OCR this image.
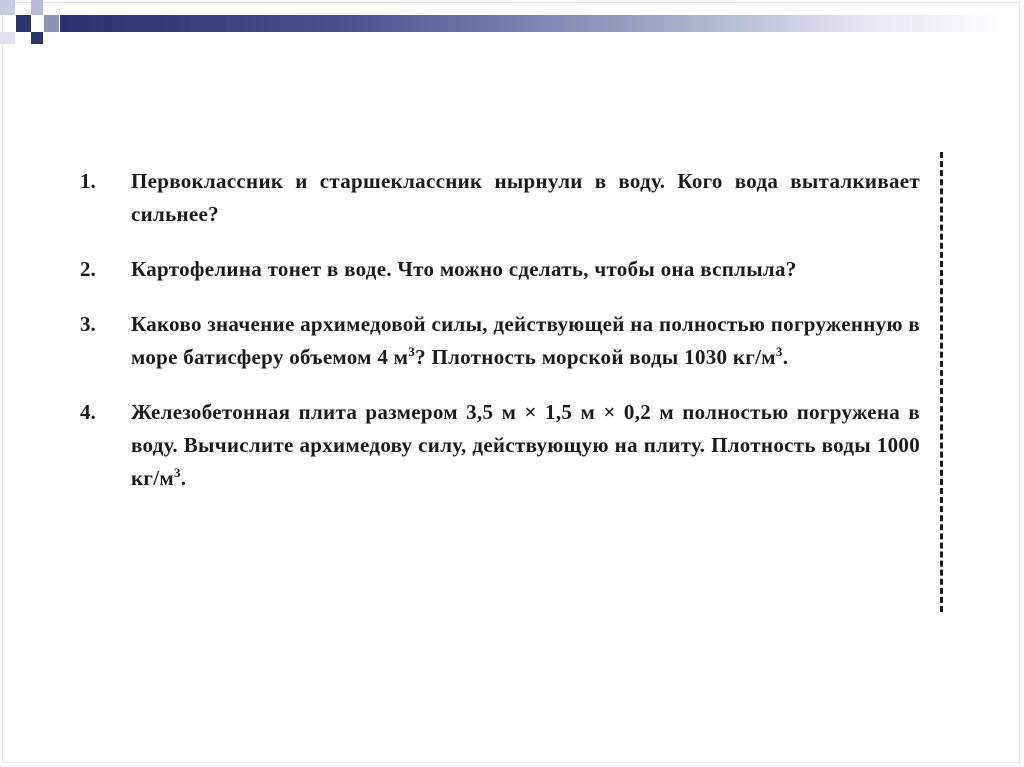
1.	Первоклассник и старшеклассник нырнули в воду. Кого вода выталкивает сильнее?
2.	Картофелина тонет в воде. Что можно сделать, чтобы она всплыла?
3.	Каково значение архимедовой силы, действующей на полностью погруженную в море батисферу объемом 4 $м^3$? Плотность морской воды 1030 $кг/м^3$.
4.	Железобетонная плита размером 3,5 м × 1,5 м × 0,2 м полностью погружена в воду. Вычислите архимедову силу, действующую на плиту. Плотность воды 1000 $кг/м^3$.
